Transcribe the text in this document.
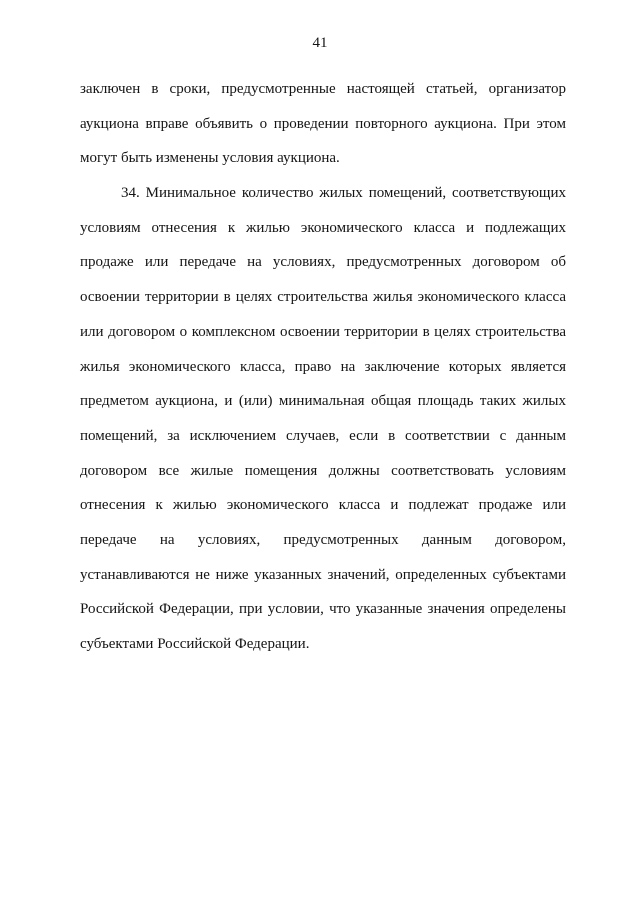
41
заключен в сроки, предусмотренные настоящей статьей, организатор
аукциона вправе объявить о проведении повторного аукциона. При этом
могут быть изменены условия аукциона.
34. Минимальное количество жилых помещений, соответствующих
условиям отнесения к жилью экономического класса и подлежащих
продаже или передаче на условиях, предусмотренных договором об
освоении территории в целях строительства жилья экономического класса
или договором о комплексном освоении территории в целях строительства
жилья экономического класса, право на заключение которых является
предметом аукциона, и (или) минимальная общая площадь таких жилых
помещений, за исключением случаев, если в соответствии с данным
договором все жилые помещения должны соответствовать условиям
отнесения к жилью экономического класса и подлежат продаже или
передаче на условиях, предусмотренных данным договором,
устанавливаются не ниже указанных значений, определенных субъектами
Российской Федерации, при условии, что указанные значения определены
субъектами Российской Федерации.
